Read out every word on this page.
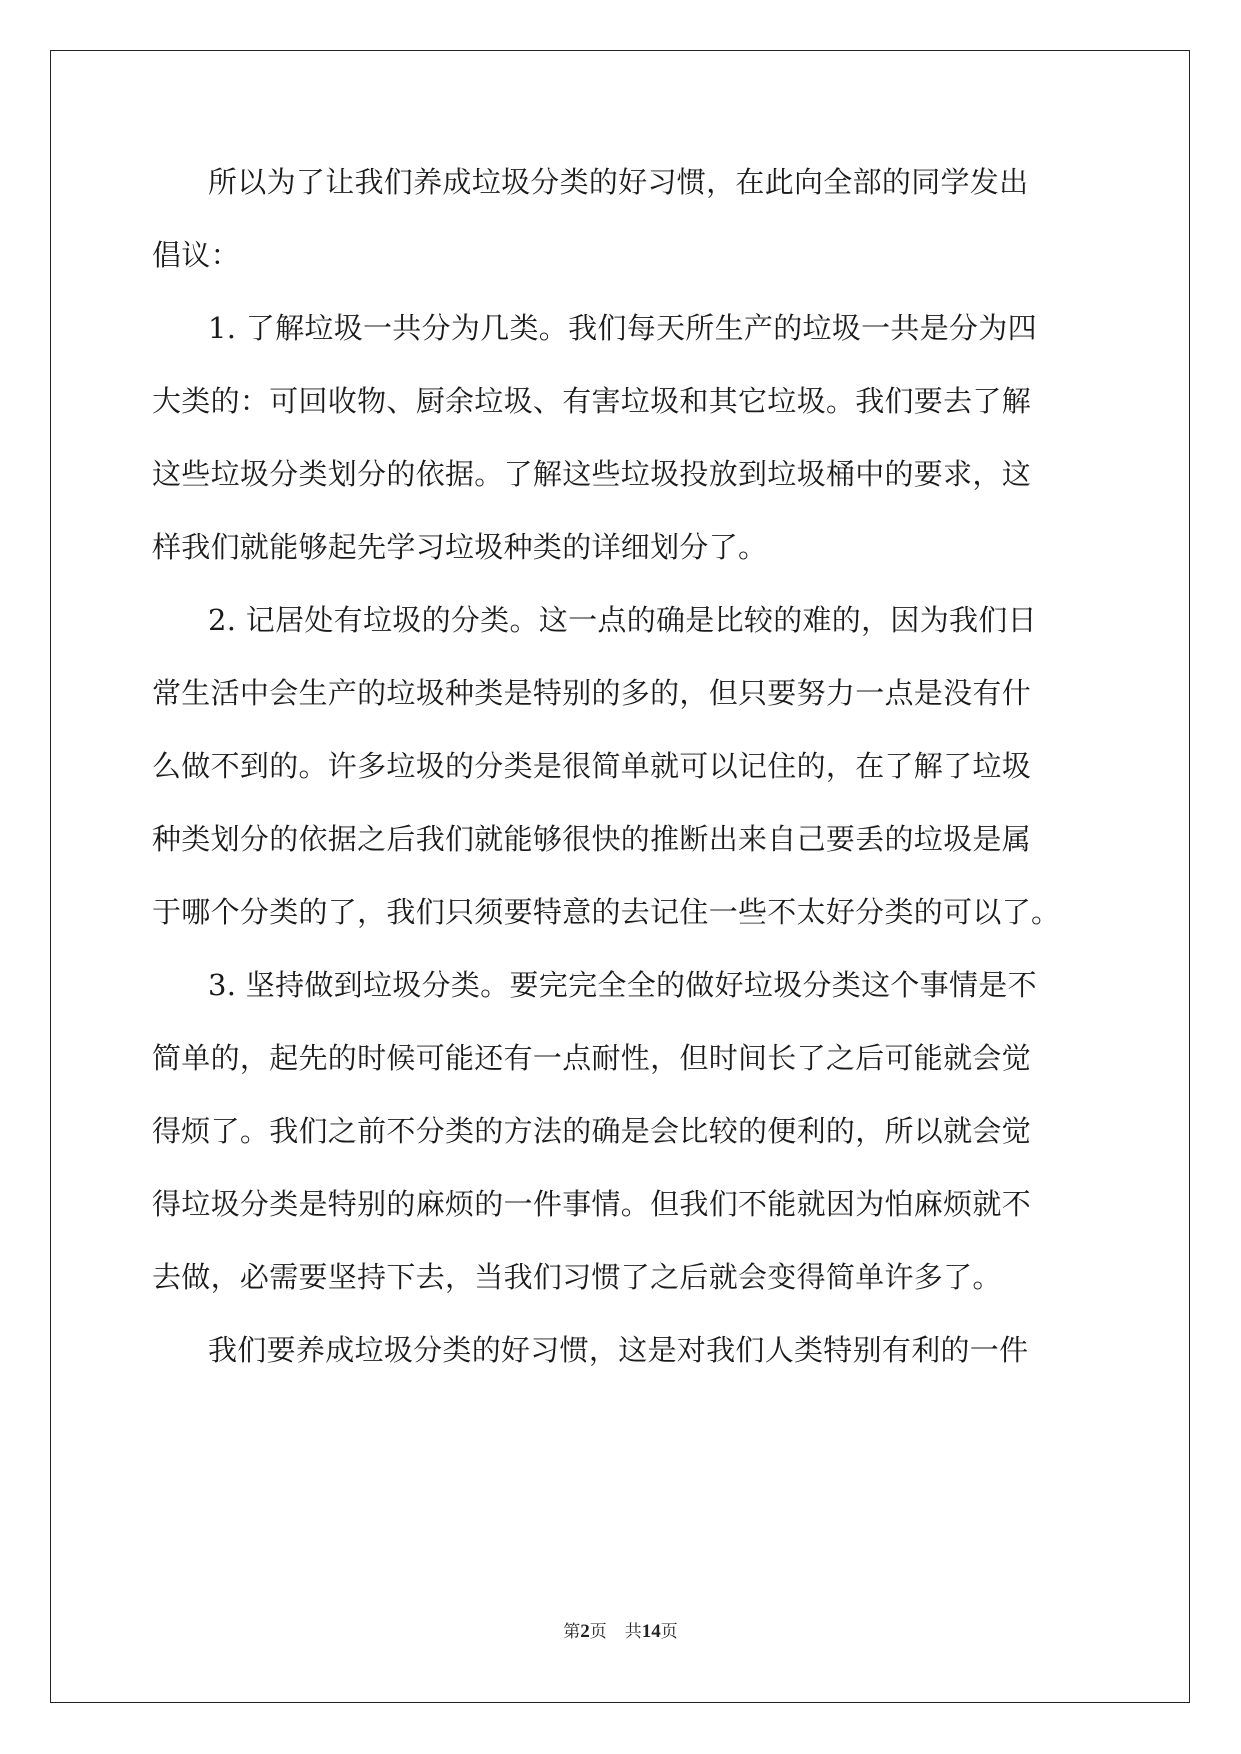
所以为了让我们养成垃圾分类的好习惯，在此向全部的同学发出
倡议：
1. 了解垃圾一共分为几类。我们每天所生产的垃圾一共是分为四
大类的：可回收物、厨余垃圾、有害垃圾和其它垃圾。我们要去了解
这些垃圾分类划分的依据。了解这些垃圾投放到垃圾桶中的要求，这
样我们就能够起先学习垃圾种类的详细划分了。
2. 记居处有垃圾的分类。这一点的确是比较的难的，因为我们日
常生活中会生产的垃圾种类是特别的多的，但只要努力一点是没有什
么做不到的。许多垃圾的分类是很简单就可以记住的，在了解了垃圾
种类划分的依据之后我们就能够很快的推断出来自己要丢的垃圾是属
于哪个分类的了，我们只须要特意的去记住一些不太好分类的可以了。
3. 坚持做到垃圾分类。要完完全全的做好垃圾分类这个事情是不
简单的，起先的时候可能还有一点耐性，但时间长了之后可能就会觉
得烦了。我们之前不分类的方法的确是会比较的便利的，所以就会觉
得垃圾分类是特别的麻烦的一件事情。但我们不能就因为怕麻烦就不
去做，必需要坚持下去，当我们习惯了之后就会变得简单许多了。
我们要养成垃圾分类的好习惯，这是对我们人类特别有利的一件
第2页 共14页
